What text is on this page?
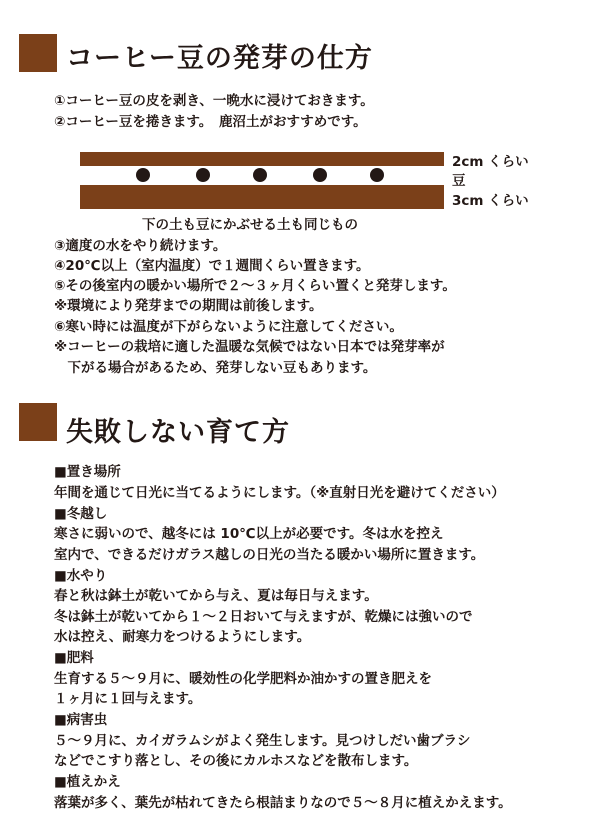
コーヒー豆の発芽の仕方
①コーヒー豆の皮を剥き、一晩水に浸けておきます。
②コーヒー豆を捲きます。　鹿沼土がおすすめです。
2cm くらい
豆
3cm くらい
下の土も豆にかぶせる土も同じもの
③適度の水をやり続けます。
④20℃以上（室内温度）で１週間くらい置きます。
⑤その後室内の暖かい場所で２～３ヶ月くらい置くと発芽します。
※環境により発芽までの期間は前後します。
⑥寒い時には温度が下がらないように注意してください。
※コーヒーの栽培に適した温暖な気候ではない日本では発芽率が
　下がる場合があるため、発芽しない豆もあります。
失敗しない育て方
■置き場所
年間を通じて日光に当てるようにします。（※直射日光を避けてください）
■冬越し
寒さに弱いので、越冬には 10℃以上が必要です。冬は水を控え
室内で、できるだけガラス越しの日光の当たる暖かい場所に置きます。
■水やり
春と秋は鉢土が乾いてから与え、夏は毎日与えます。
冬は鉢土が乾いてから１～２日おいて与えますが、乾燥には強いので
水は控え、耐寒力をつけるようにします。
■肥料
生育する５～９月に、暖効性の化学肥料か油かすの置き肥えを
１ヶ月に１回与えます。
■病害虫
５～９月に、カイガラムシがよく発生します。見つけしだい歯ブラシ
などでこすり落とし、その後にカルホスなどを散布します。
■植えかえ
落葉が多く、葉先が枯れてきたら根詰まりなので５～８月に植えかえます。
